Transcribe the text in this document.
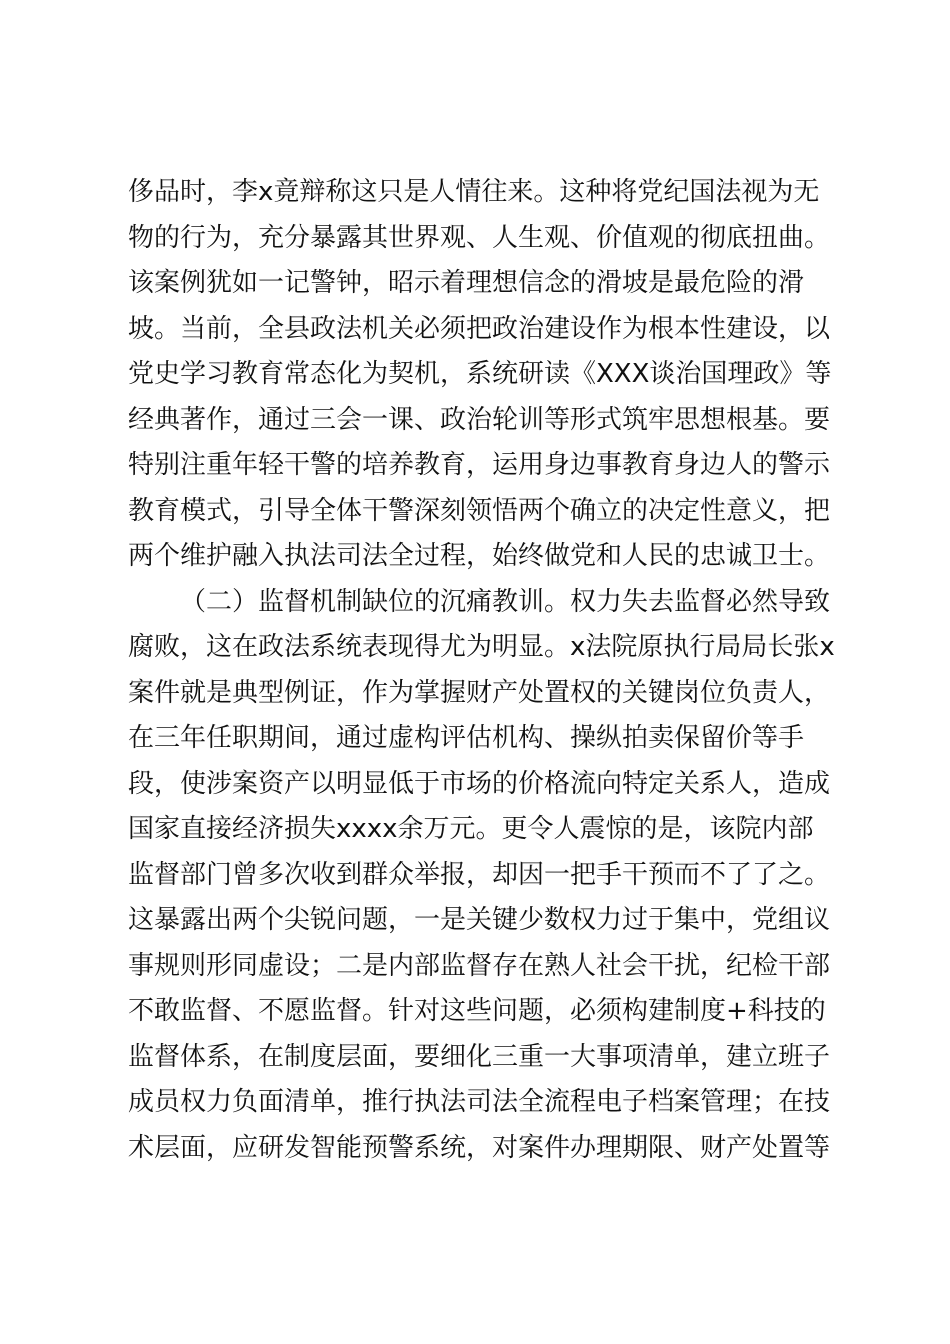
侈品时，李x竟辩称这只是人情往来。这种将党纪国法视为无
物的行为，充分暴露其世界观、人生观、价值观的彻底扭曲。
该案例犹如一记警钟，昭示着理想信念的滑坡是最危险的滑
坡。当前，全县政法机关必须把政治建设作为根本性建设，以
党史学习教育常态化为契机，系统研读《XXX谈治国理政》等
经典著作，通过三会一课、政治轮训等形式筑牢思想根基。要
特别注重年轻干警的培养教育，运用身边事教育身边人的警示
教育模式，引导全体干警深刻领悟两个确立的决定性意义，把
两个维护融入执法司法全过程，始终做党和人民的忠诚卫士。
（二）监督机制缺位的沉痛教训。权力失去监督必然导致
腐败，这在政法系统表现得尤为明显。x法院原执行局局长张x
案件就是典型例证，作为掌握财产处置权的关键岗位负责人，
在三年任职期间，通过虚构评估机构、操纵拍卖保留价等手
段，使涉案资产以明显低于市场的价格流向特定关系人，造成
国家直接经济损失xxxx余万元。更令人震惊的是，该院内部
监督部门曾多次收到群众举报，却因一把手干预而不了了之。
这暴露出两个尖锐问题，一是关键少数权力过于集中，党组议
事规则形同虚设；二是内部监督存在熟人社会干扰，纪检干部
不敢监督、不愿监督。针对这些问题，必须构建制度+科技的
监督体系，在制度层面，要细化三重一大事项清单，建立班子
成员权力负面清单，推行执法司法全流程电子档案管理；在技
术层面，应研发智能预警系统，对案件办理期限、财产处置等
